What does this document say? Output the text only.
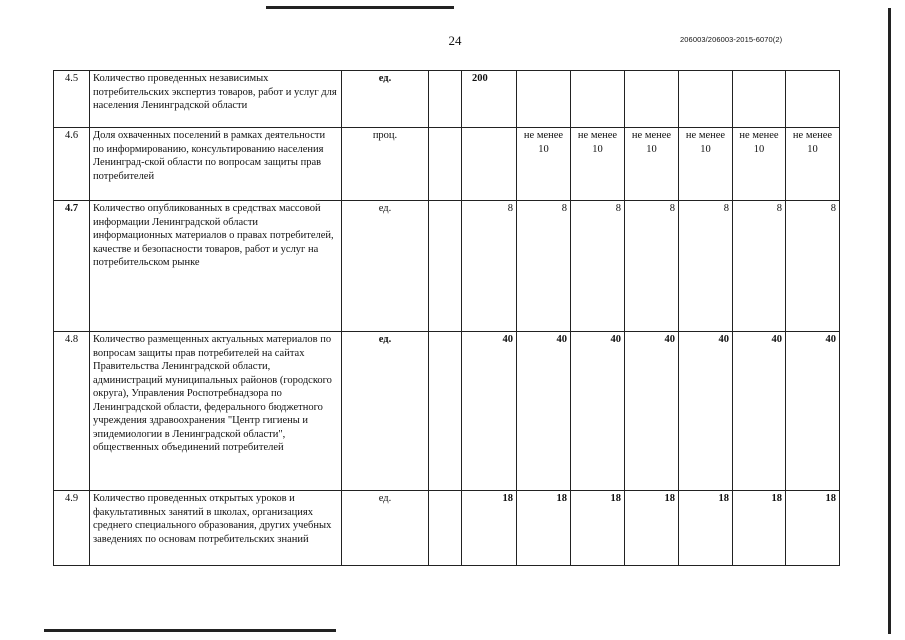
24	206003/206003-2015-6070(2)
4.5	Количество проведенных независимых потребительских экспертиз товаров, работ и услуг для населения Ленинградской области	ед.		200						
4.6	Доля охваченных поселений в рамках деятельности по информированию, консультированию населения Ленинград-ской области по вопросам защиты прав потребителей	проц.			не менее 10	не менее 10	не менее 10	не менее 10	не менее 10	не менее 10
4.7	Количество опубликованных в средствах массовой информации Ленинградской области информационных материалов о правах потребителей, качестве и безопасности товаров, работ и услуг на потребительском рынке	ед.		8	8	8	8	8	8	8
4.8	Количество размещенных актуальных материалов по вопросам защиты прав потребителей на сайтах Правительства Ленинградской области, администраций муниципальных районов (городского округа), Управления Роспотребнадзора по Ленинградской области, федерального бюджетного учреждения здравоохранения "Центр гигиены и эпидемиологии в Ленинградской области", общественных объединений потребителей	ед.		40	40	40	40	40	40	40
4.9	Количество проведенных открытых уроков и факультативных занятий в школах, организациях среднего специального образования, других учебных заведениях по основам потребительских знаний	ед.		18	18	18	18	18	18	18
